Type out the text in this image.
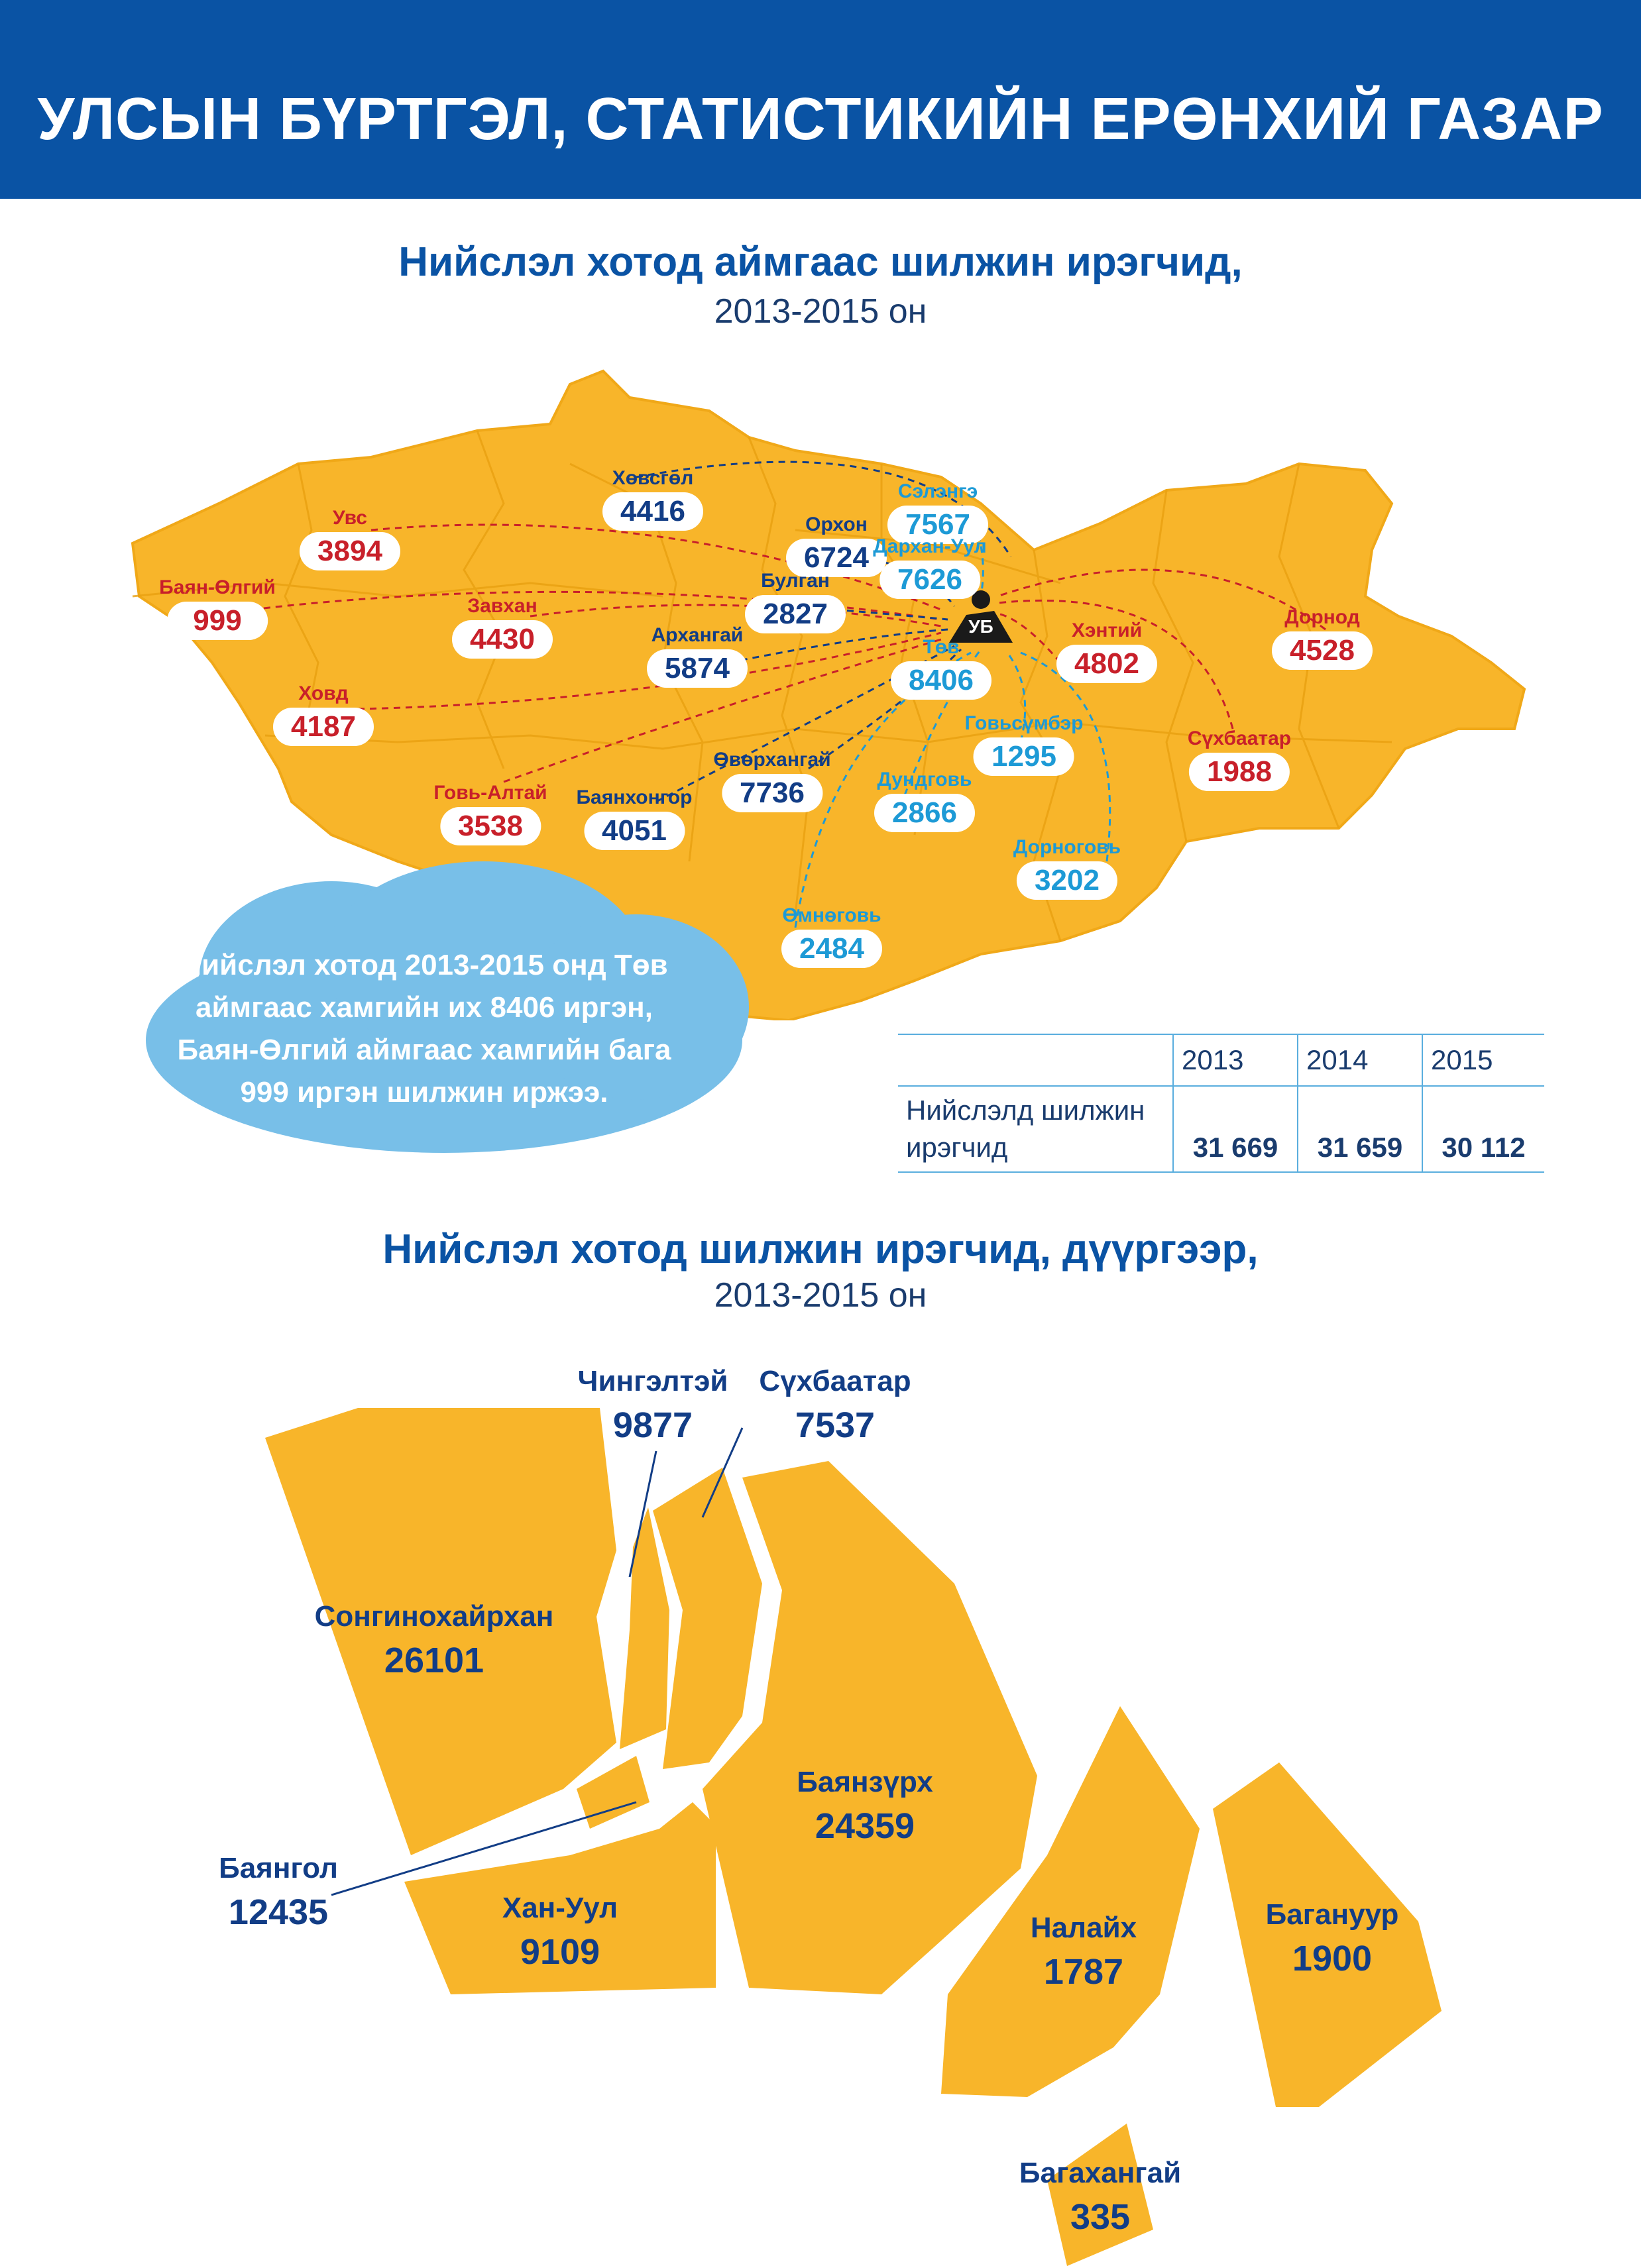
УЛСЫН БҮРТГЭЛ, СТАТИСТИКИЙН ЕРӨНХИЙ ГАЗАР
Нийслэл хотод аймгаас шилжин ирэгчид,
2013-2015 он
УБ
Увс
3894
Баян-Өлгий
999	Завхан
4430
Ховд
4187
Говь-Алтай
3538
Хэнтий
4802
Дорнод
4528
Сүхбаатар
1988
Хөвсгөл
4416	Орхон
6724
Булган
2827
Архангай
5874
Баянхонгор
4051
Өвөрхангай
7736
Сэлэнгэ
7567
Дархан-Уул
7626
Төв
8406
Говьсүмбэр
1295
Дундговь
2866
Дорноговь
3202
Өмнөговь
2484
Нийслэл хотод 2013-2015 онд Төв аймгаас хамгийн их 8406 иргэн, Баян-Өлгий аймгаас хамгийн бага 999 иргэн шилжин иржээ.
	2013	2014	2015
Нийслэлд шилжин ирэгчид	31 669	31 659	30 112
Нийслэл хотод шилжин ирэгчид, дүүргээр,
2013-2015 он
Сонгинохайрхан
26101
Чингэлтэй
9877
Сүхбаатар
7537
Баянзүрх
24359
Баянгол
12435	Хан-Уул
9109
Налайх
1787
Багануур
1900
Багахангай
335
